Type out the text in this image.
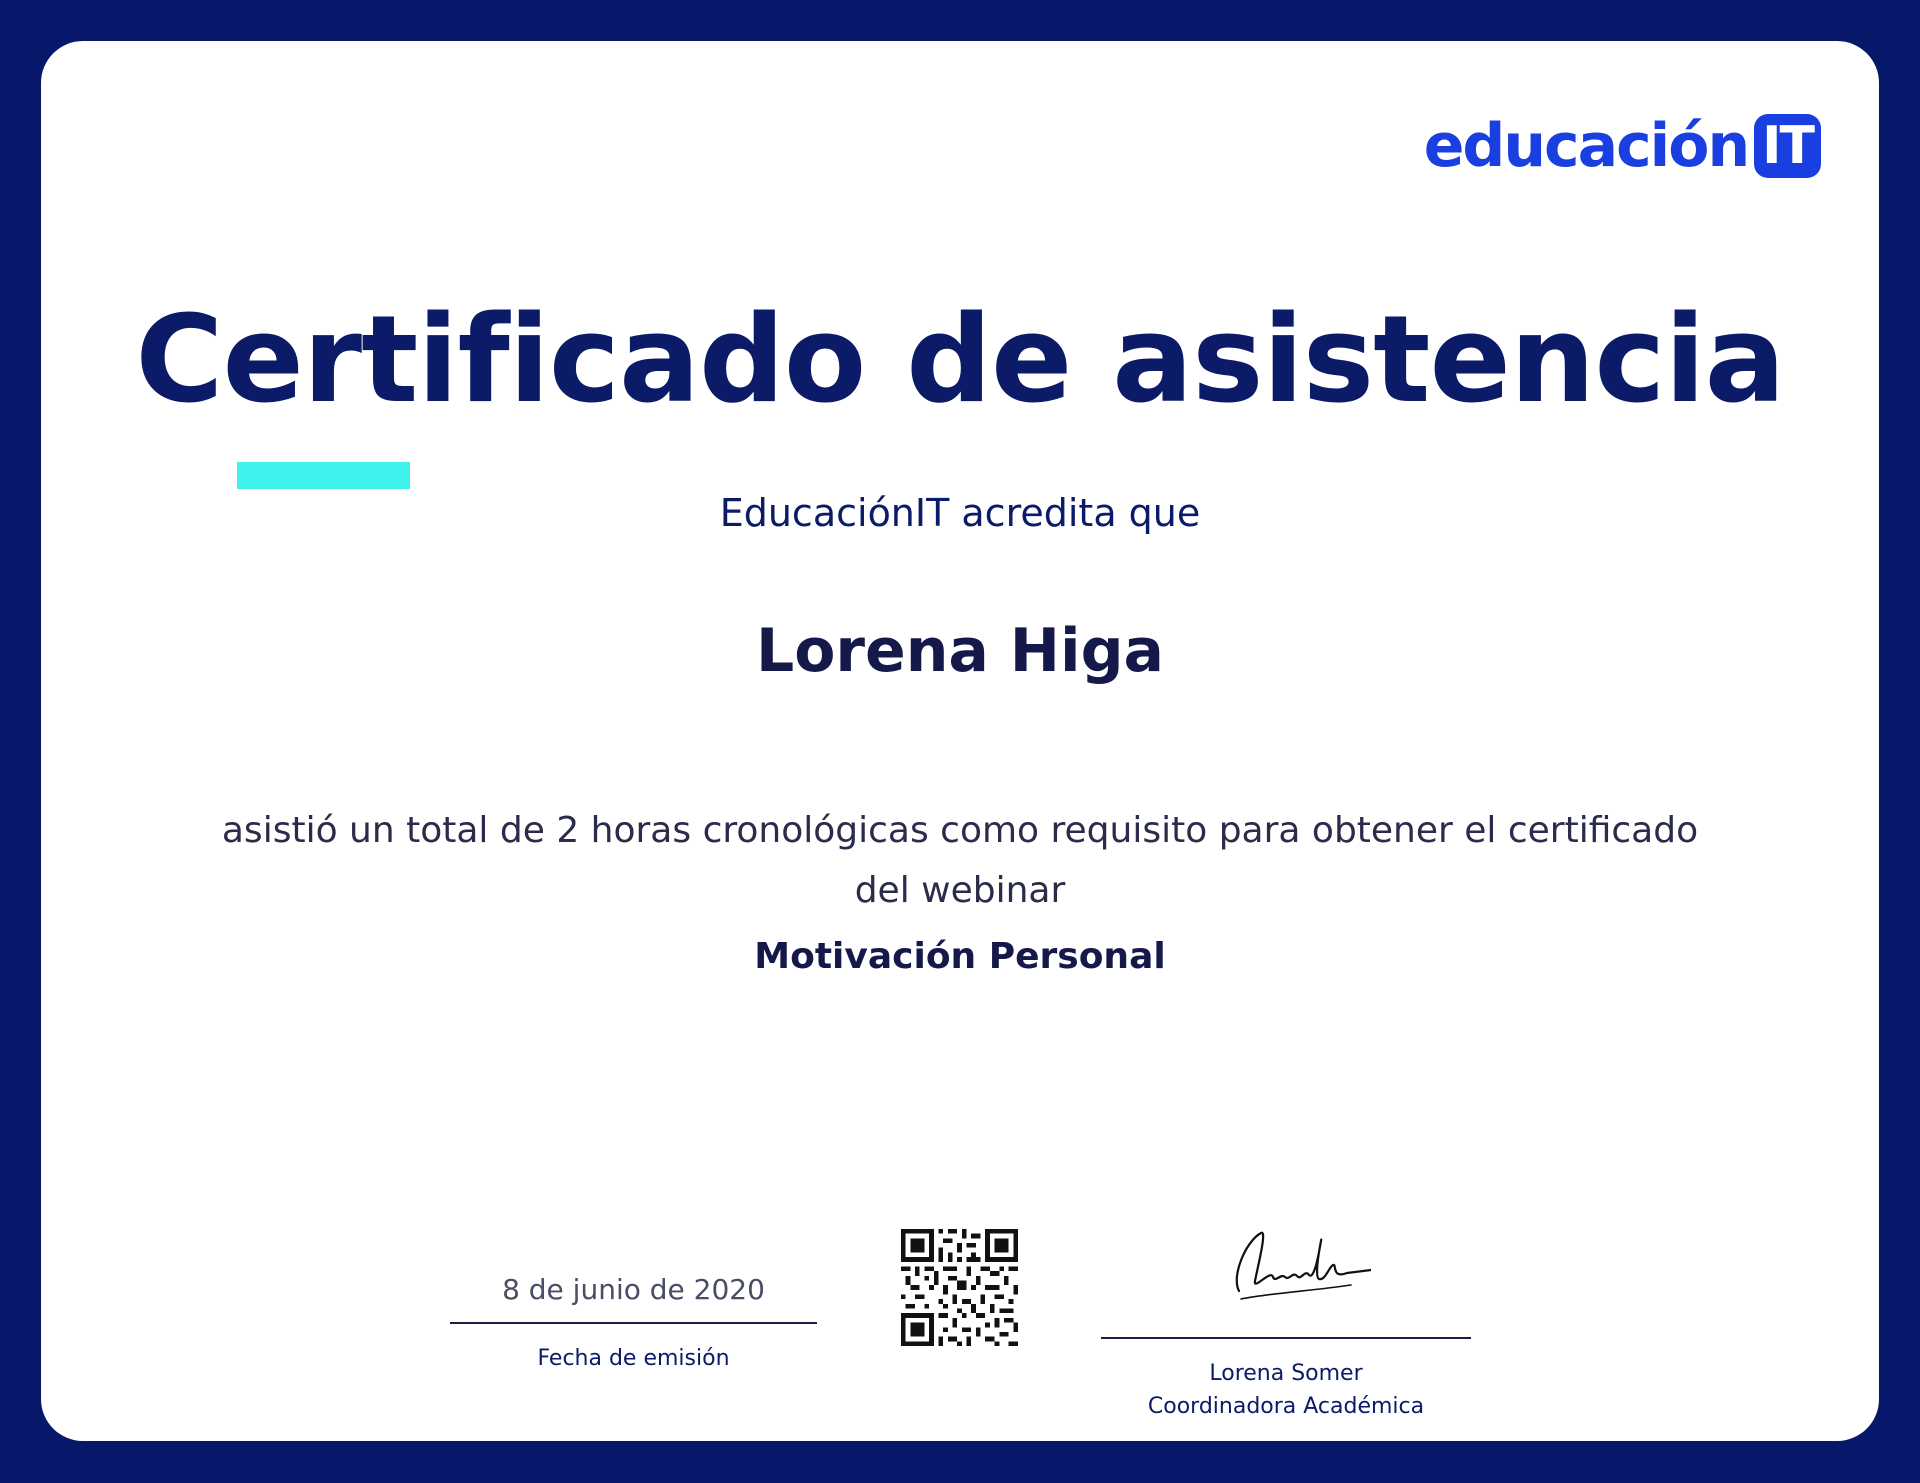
educación IT
Certificado de asistencia
EducaciónIT acredita que
Lorena Higa
asistió un total de 2 horas cronológicas como requisito para obtener el certificado
del webinar
Motivación Personal
8 de junio de 2020
Fecha de emisión
Lorena Somer
Coordinadora Académica
